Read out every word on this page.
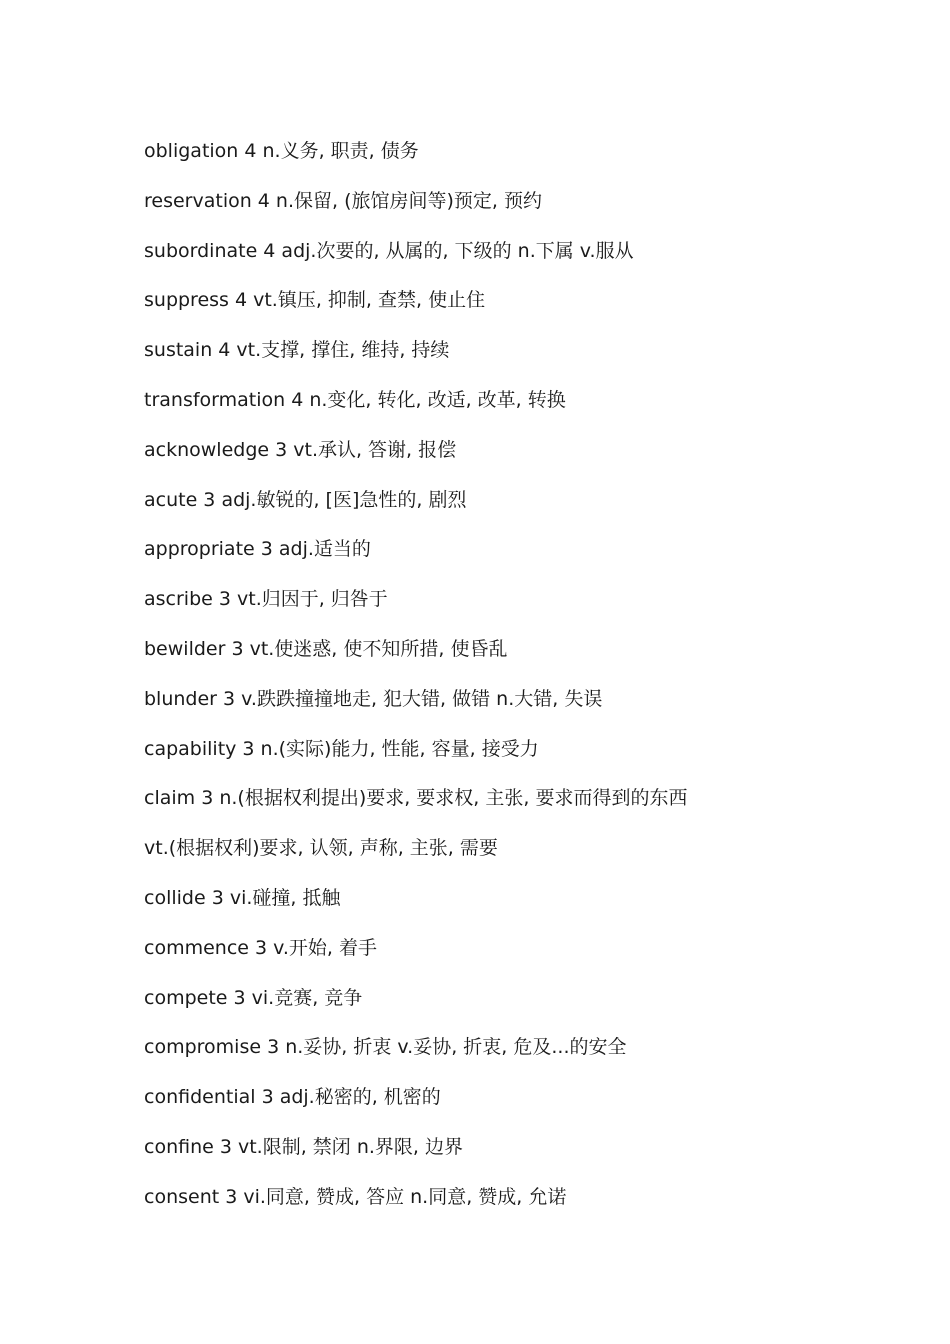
obligation 4 n.义务, 职责, 债务
reservation 4 n.保留, (旅馆房间等)预定, 预约
subordinate 4 adj.次要的, 从属的, 下级的 n.下属 v.服从
suppress 4 vt.镇压, 抑制, 查禁, 使止住
sustain 4 vt.支撑, 撑住, 维持, 持续
transformation 4 n.变化, 转化, 改适, 改革, 转换
acknowledge 3 vt.承认, 答谢, 报偿
acute 3 adj.敏锐的, [医]急性的, 剧烈
appropriate 3 adj.适当的
ascribe 3 vt.归因于, 归咎于
bewilder 3 vt.使迷惑, 使不知所措, 使昏乱
blunder 3 v.跌跌撞撞地走, 犯大错, 做错 n.大错, 失误
capability 3 n.(实际)能力, 性能, 容量, 接受力
claim 3 n.(根据权利提出)要求, 要求权, 主张, 要求而得到的东西
vt.(根据权利)要求, 认领, 声称, 主张, 需要
collide 3 vi.碰撞, 抵触
commence 3 v.开始, 着手
compete 3 vi.竞赛, 竞争
compromise 3 n.妥协, 折衷 v.妥协, 折衷, 危及...的安全
confidential 3 adj.秘密的, 机密的
confine 3 vt.限制, 禁闭 n.界限, 边界
consent 3 vi.同意, 赞成, 答应 n.同意, 赞成, 允诺
